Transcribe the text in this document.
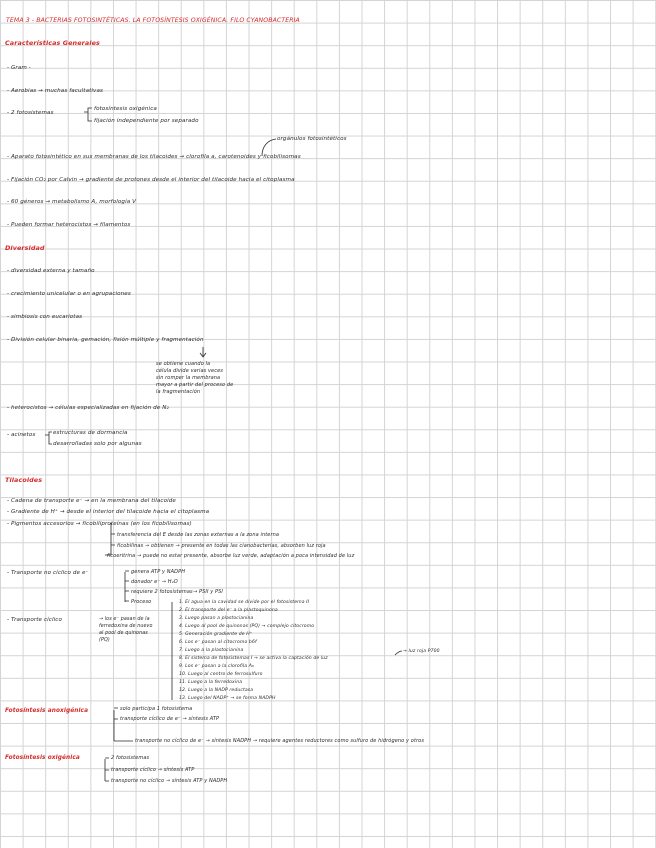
TEMA 3 - BACTERIAS FOTOSINTÉTICAS. LA FOTOSÍNTESIS OXIGÉNICA. FILO CYANOBACTERIA
Características Generales
- Gram -
- Aerobias → muchas facultativas
- 2 fotosistemas
fotosíntesis oxigénica
fijación independiente por separado
orgánulos fotosintéticos
- Aparato fotosintético en sus membranas de los tilacoides → clorofila a, carotenoides y ficobilisomas
- Fijación CO₂ por Calvin → gradiente de protones desde el interior del tilacoide hacia el citoplasma
- 60 géneros → metabolismo A, morfología V
- Pueden formar heterocistos → filamentos
Diversidad
- diversidad externa y tamaño
- crecimiento unicelular o en agrupaciones
- simbiosis con eucariotas
- División celular binaria, gemación, fisión múltiple y fragmentación
se obtiene cuando la
célula divide varias veces
sin romper la membrana
mayor a partir del proceso de
la fragmentación
- heterocistos → células especializadas en fijación de N₂
- acinetos	estructuras de dormancia
desarrolladas solo por algunas
Tilacoides
- Cadena de transporte e⁻ → en la membrana del tilacoide
- Gradiente de H⁺ → desde el interior del tilacoide hacia el citoplasma
- Pigmentos accesorios → ficobiliproteínas (en los ficobilisomas)
transferencia del E desde las zonas externas a la zona interna
ficobilinas → obtienen → presente en todas las cianobacterias, absorben luz roja
ficoeritrina → puede no estar presente, absorbe luz verde, adaptación a poca intensidad de luz
- Transporte no cíclico de e⁻	genera ATP y NADPH
donador e⁻ → H₂O
requiere 2 fotosistemas → PSII y PSI
Proceso	1. El agua en la cavidad se divide por el fotosistema II
2. El transporte del e⁻ a la plastoquinona
3. Luego pasan a plastocianina
4. Luego al pool de quinonas (PQ) → complejo citocromo
5. Generación gradiente de H⁺
6. Los e⁻ pasan al citocromo b6f
7. Luego a la plastocianina
8. El sistema de fotosistemas I → se activa la captación de luz
→ luz roja P700
9. Los e⁻ pasan a la clorofila A₀
10. Luego al centro de ferrosulfuro
11. Luego a la ferredoxina
12. Luego a la NADP reductasa
13. Luego del NADP⁺ → se forma NADPH
- Transporte cíclico	→ los e⁻ pasan de la
ferredoxina de nuevo
al pool de quinonas
(PQ)
Fotosíntesis anoxigénica	solo participa 1 fotosistema
transporte cíclico de e⁻ → síntesis ATP
transporte no cíclico de e⁻ → síntesis NADPH → requiere agentes reductores como sulfuro de hidrógeno y otros
Fotosíntesis oxigénica	2 fotosistemas
transporte cíclico → síntesis ATP
transporte no cíclico → síntesis ATP y NADPH
